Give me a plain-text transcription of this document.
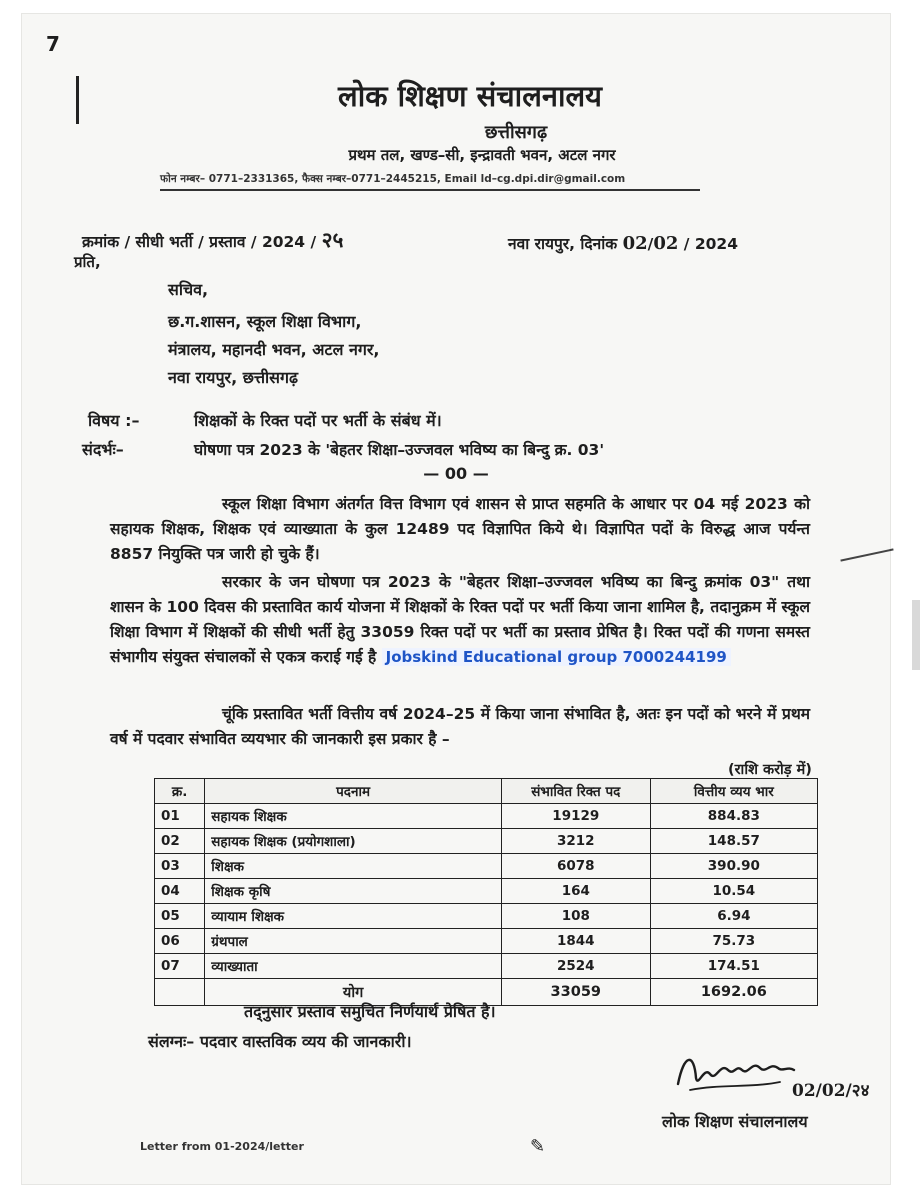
7
लोक शिक्षण संचालनालय
छत्तीसगढ़
प्रथम तल, खण्ड–सी, इन्द्रावती भवन, अटल नगर
फोन नम्बर– 0771–2331365, फैक्स नम्बर–0771–2445215, Email ld–cg.dpi.dir@gmail.com
क्रमांक / सीधी भर्ती / प्रस्ताव / 2024 / २५	नवा रायपुर, दिनांक 02/02 / 2024
प्रति,
सचिव,
छ.ग.शासन, स्कूल शिक्षा विभाग,
मंत्रालय, महानदी भवन, अटल नगर,
नवा रायपुर, छत्तीसगढ़
विषय :–	शिक्षकों के रिक्त पदों पर भर्ती के संबंध में।
संदर्भः–	घोषणा पत्र 2023 के 'बेहतर शिक्षा–उज्जवल भविष्य का बिन्दु क्र. 03'
— 00 —
स्कूल शिक्षा विभाग अंतर्गत वित्त विभाग एवं शासन से प्राप्त सहमति के आधार पर 04 मई 2023 को सहायक शिक्षक, शिक्षक एवं व्याख्याता के कुल 12489 पद विज्ञापित किये थे। विज्ञापित पदों के विरुद्ध आज पर्यन्त 8857 नियुक्ति पत्र जारी हो चुके हैं।
सरकार के जन घोषणा पत्र 2023 के "बेहतर शिक्षा–उज्जवल भविष्य का बिन्दु क्रमांक 03" तथा शासन के 100 दिवस की प्रस्तावित कार्य योजना में शिक्षकों के रिक्त पदों पर भर्ती किया जाना शामिल है, तदानुक्रम में स्कूल शिक्षा विभाग में शिक्षकों की सीधी भर्ती हेतु 33059 रिक्त पदों पर भर्ती का प्रस्ताव प्रेषित है। रिक्त पदों की गणना समस्त संभागीय संयुक्त संचालकों से एकत्र कराई गई है Jobskind Educational group 7000244199
चूंकि प्रस्तावित भर्ती वित्तीय वर्ष 2024–25 में किया जाना संभावित है, अतः इन पदों को भरने में प्रथम वर्ष में पदवार संभावित व्ययभार की जानकारी इस प्रकार है –
(राशि करोड़ में)
क्र.	पदनाम	संभावित रिक्त पद	वित्तीय व्यय भार
01	सहायक शिक्षक	19129	884.83
02	सहायक शिक्षक (प्रयोगशाला)	3212	148.57
03	शिक्षक	6078	390.90
04	शिक्षक कृषि	164	10.54
05	व्यायाम शिक्षक	108	6.94
06	ग्रंथपाल	1844	75.73
07	व्याख्याता	2524	174.51
	योग	33059	1692.06
तद्नुसार प्रस्ताव समुचित निर्णयार्थ प्रेषित है।
संलग्नः– पदवार वास्तविक व्यय की जानकारी।
02/02/२४
लोक शिक्षण संचालनालय
✎
Letter from 01-2024/letter
